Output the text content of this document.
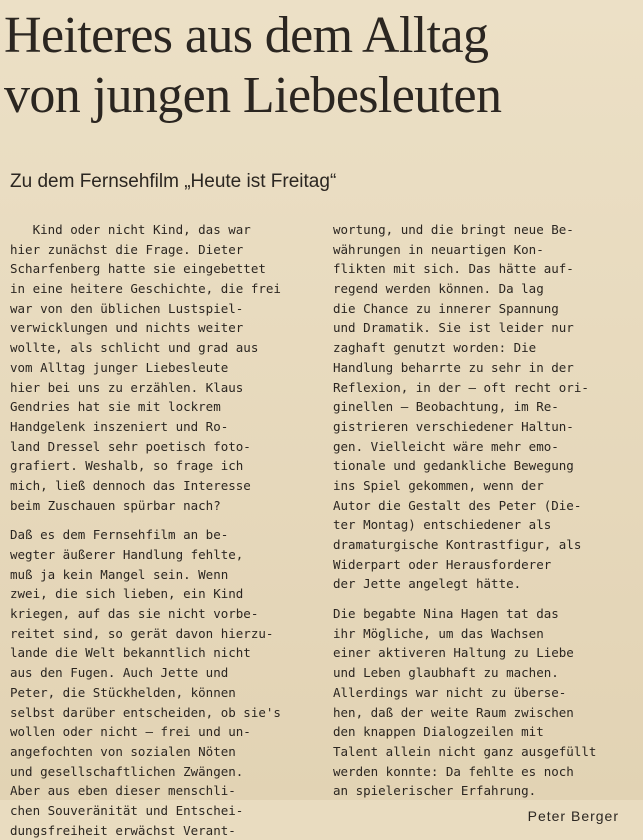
Heiteres aus dem Alltag
von jungen Liebesleuten
Zu dem Fernsehfilm „Heute ist Freitag“
Kind oder nicht Kind, das war
hier zunächst die Frage. Dieter
Scharfenberg hatte sie eingebettet
in eine heitere Geschichte, die frei
war von den üblichen Lustspiel-
verwicklungen und nichts weiter
wollte, als schlicht und grad aus
vom Alltag junger Liebesleute
hier bei uns zu erzählen. Klaus
Gendries hat sie mit lockrem
Handgelenk inszeniert und Ro-
land Dressel sehr poetisch foto-
grafiert. Weshalb, so frage ich
mich, ließ dennoch das Interesse
beim Zuschauen spürbar nach?
Daß es dem Fernsehfilm an be-
wegter äußerer Handlung fehlte,
muß ja kein Mangel sein. Wenn
zwei, die sich lieben, ein Kind
kriegen, auf das sie nicht vorbe-
reitet sind, so gerät davon hierzu-
lande die Welt bekanntlich nicht
aus den Fugen. Auch Jette und
Peter, die Stückhelden, können
selbst darüber entscheiden, ob sie's
wollen oder nicht — frei und un-
angefochten von sozialen Nöten
und gesellschaftlichen Zwängen.
Aber aus eben dieser menschli-
chen Souveränität und Entschei-
dungsfreiheit erwächst Verant-
wortung, und die bringt neue Be-
währungen in neuartigen Kon-
flikten mit sich. Das hätte auf-
regend werden können. Da lag
die Chance zu innerer Spannung
und Dramatik. Sie ist leider nur
zaghaft genutzt worden: Die
Handlung beharrte zu sehr in der
Reflexion, in der — oft recht ori-
ginellen — Beobachtung, im Re-
gistrieren verschiedener Haltun-
gen. Vielleicht wäre mehr emo-
tionale und gedankliche Bewegung
ins Spiel gekommen, wenn der
Autor die Gestalt des Peter (Die-
ter Montag) entschiedener als
dramaturgische Kontrastfigur, als
Widerpart oder Herausforderer
der Jette angelegt hätte.
Die begabte Nina Hagen tat das
ihr Mögliche, um das Wachsen
einer aktiveren Haltung zu Liebe
und Leben glaubhaft zu machen.
Allerdings war nicht zu überse-
hen, daß der weite Raum zwischen
den knappen Dialogzeilen mit
Talent allein nicht ganz ausgefüllt
werden konnte: Da fehlte es noch
an spielerischer Erfahrung.
Peter Berger
